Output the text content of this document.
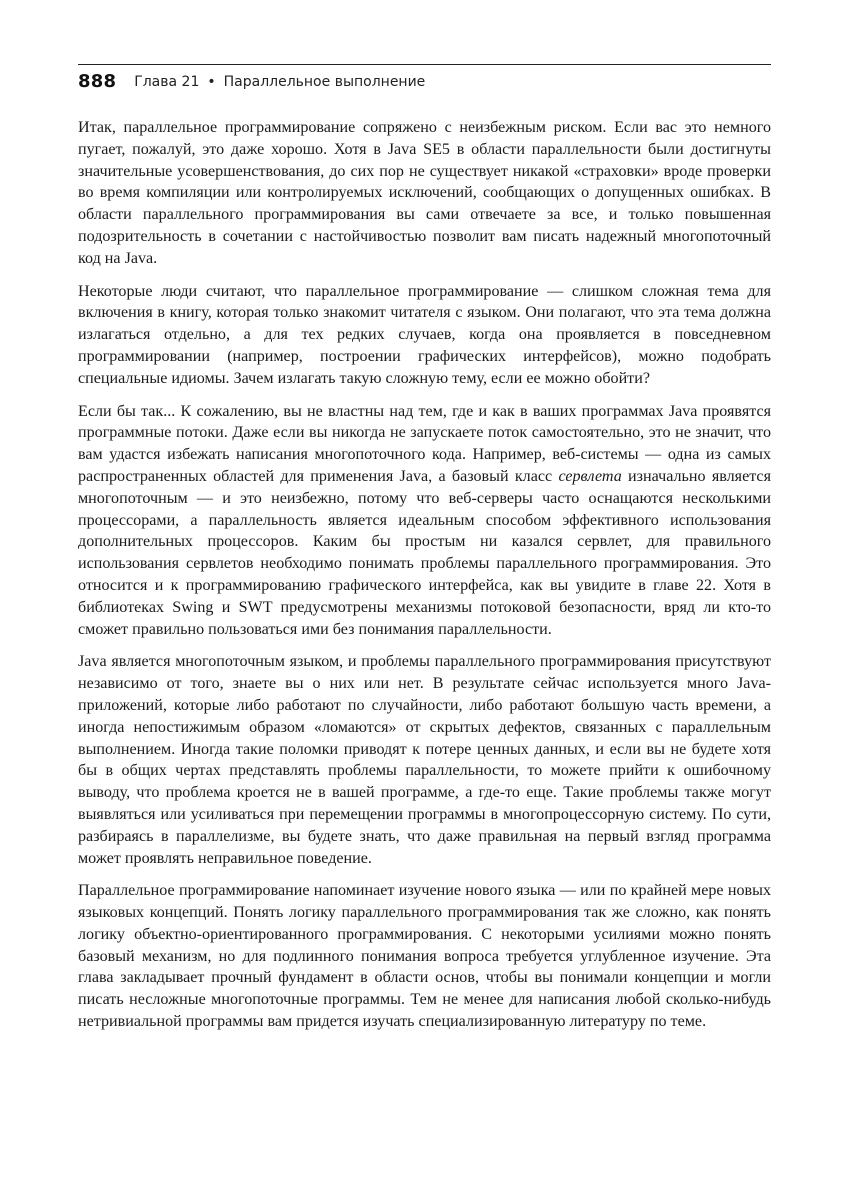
888 Глава 21 • Параллельное выполнение

Итак, параллельное программирование сопряжено с неизбежным риском. Если вас это немного пугает, пожалуй, это даже хорошо. Хотя в Java SE5 в области параллельности были достигнуты значительные усовершенствования, до сих пор не существует никакой «страховки» вроде проверки во время компиляции или контролируемых исключений, сообщающих о допущенных ошибках. В области параллельного программирования вы сами отвечаете за все, и только повышенная подозрительность в сочетании с настойчивостью позволит вам писать надежный многопоточный код на Java.

Некоторые люди считают, что параллельное программирование — слишком сложная тема для включения в книгу, которая только знакомит читателя с языком. Они полагают, что эта тема должна излагаться отдельно, а для тех редких случаев, когда она проявляется в повседневном программировании (например, построении графических интерфейсов), можно подобрать специальные идиомы. Зачем излагать такую сложную тему, если ее можно обойти?

Если бы так... К сожалению, вы не властны над тем, где и как в ваших программах Java проявятся программные потоки. Даже если вы никогда не запускаете поток самостоятельно, это не значит, что вам удастся избежать написания многопоточного кода. Например, веб-системы — одна из самых распространенных областей для применения Java, а базовый класс сервлета изначально является многопоточным — и это неизбежно, потому что веб-серверы часто оснащаются несколькими процессорами, а параллельность является идеальным способом эффективного использования дополнительных процессоров. Каким бы простым ни казался сервлет, для правильного использования сервлетов необходимо понимать проблемы параллельного программирования. Это относится и к программированию графического интерфейса, как вы увидите в главе 22. Хотя в библиотеках Swing и SWT предусмотрены механизмы потоковой безопасности, вряд ли кто-то сможет правильно пользоваться ими без понимания параллельности.

Java является многопоточным языком, и проблемы параллельного программирования присутствуют независимо от того, знаете вы о них или нет. В результате сейчас используется много Java-приложений, которые либо работают по случайности, либо работают большую часть времени, а иногда непостижимым образом «ломаются» от скрытых дефектов, связанных с параллельным выполнением. Иногда такие поломки приводят к потере ценных данных, и если вы не будете хотя бы в общих чертах представлять проблемы параллельности, то можете прийти к ошибочному выводу, что проблема кроется не в вашей программе, а где-то еще. Такие проблемы также могут выявляться или усиливаться при перемещении программы в многопроцессорную систему. По сути, разбираясь в параллелизме, вы будете знать, что даже правильная на первый взгляд программа может проявлять неправильное поведение.

Параллельное программирование напоминает изучение нового языка — или по крайней мере новых языковых концепций. Понять логику параллельного программирования так же сложно, как понять логику объектно-ориентированного программирования. С некоторыми усилиями можно понять базовый механизм, но для подлинного понимания вопроса требуется углубленное изучение. Эта глава закладывает прочный фундамент в области основ, чтобы вы понимали концепции и могли писать несложные многопоточные программы. Тем не менее для написания любой сколько-нибудь нетривиальной программы вам придется изучать специализированную литературу по теме.
